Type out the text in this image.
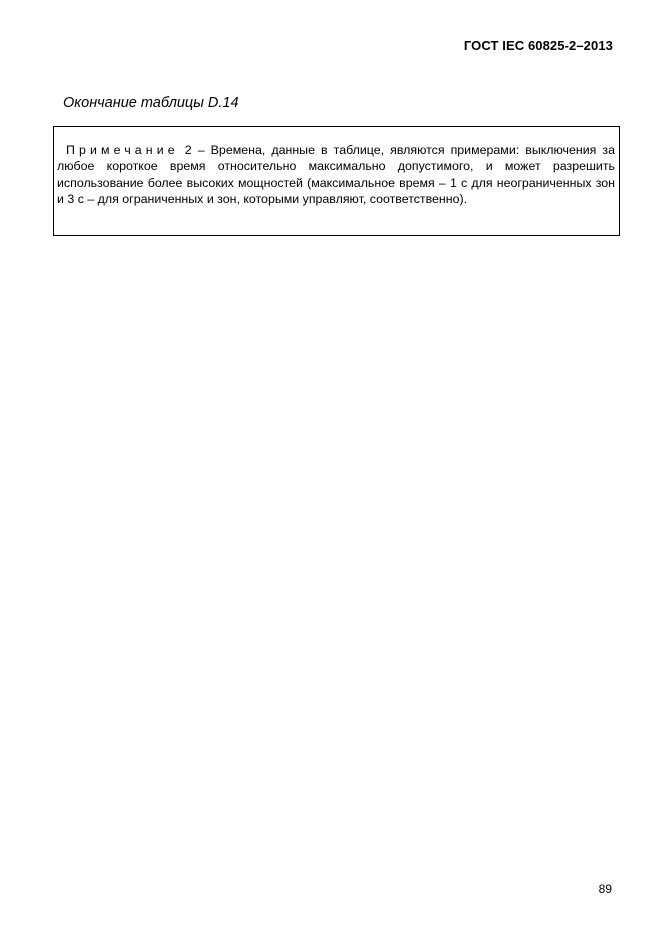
ГОСТ IEC 60825-2–2013
Окончание таблицы D.14

Примечание 2 – Времена, данные в таблице, являются примерами: выключения за любое короткое время относительно максимально допустимого, и может разрешить использование более высоких мощностей (максимальное время – 1 с для неограниченных зон и 3 с – для ограниченных и зон, которыми управляют, соответственно).

89
